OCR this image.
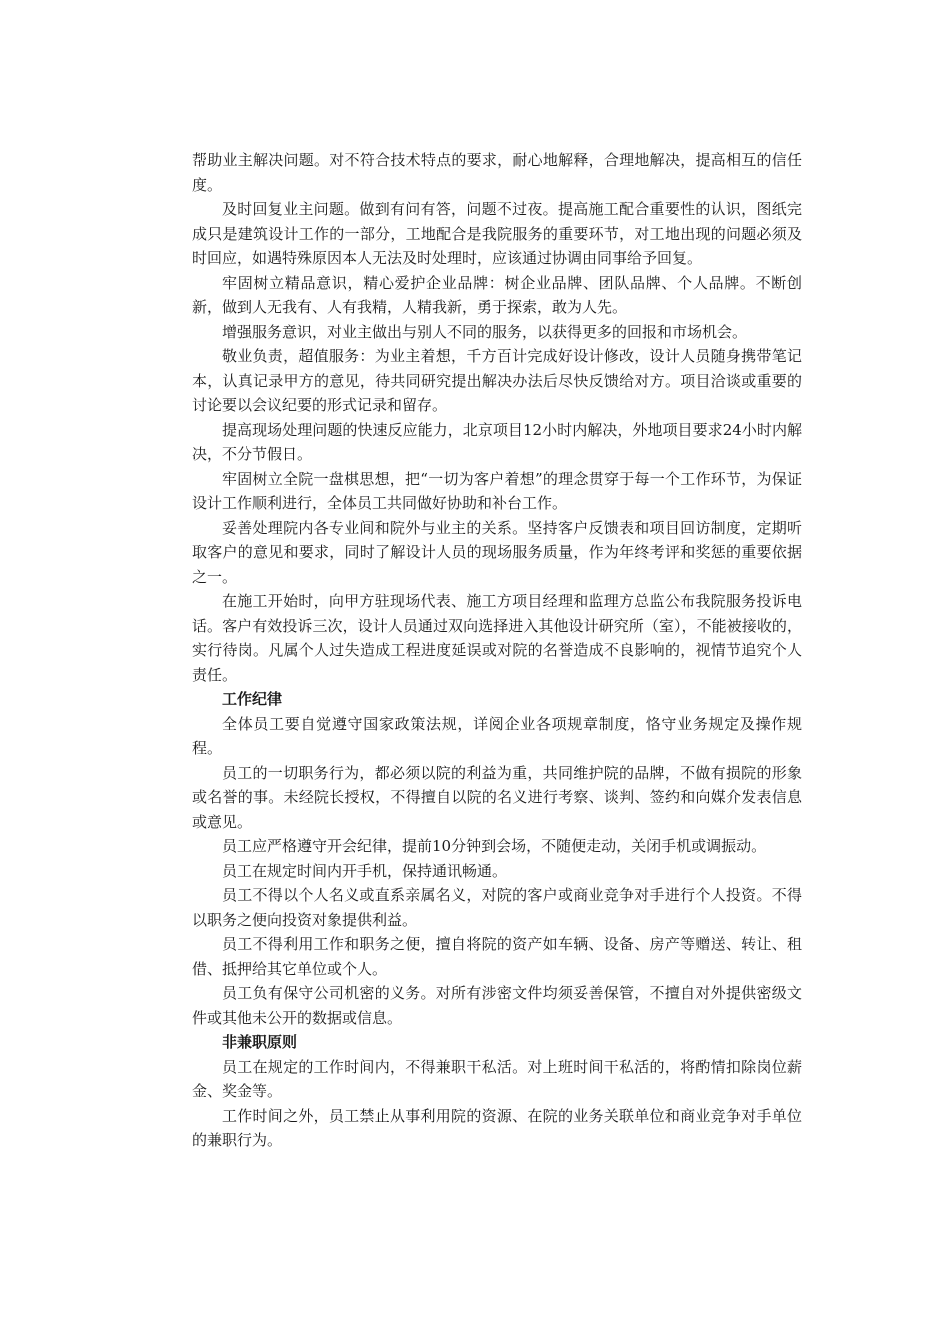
帮助业主解决问题。对不符合技术特点的要求，耐心地解释，合理地解决，提高相互的信任度。

及时回复业主问题。做到有问有答，问题不过夜。提高施工配合重要性的认识，图纸完成只是建筑设计工作的一部分，工地配合是我院服务的重要环节，对工地出现的问题必须及时回应，如遇特殊原因本人无法及时处理时，应该通过协调由同事给予回复。

牢固树立精品意识，精心爱护企业品牌：树企业品牌、团队品牌、个人品牌。不断创新，做到人无我有、人有我精，人精我新，勇于探索，敢为人先。

增强服务意识，对业主做出与别人不同的服务，以获得更多的回报和市场机会。

敬业负责，超值服务：为业主着想，千方百计完成好设计修改，设计人员随身携带笔记本，认真记录甲方的意见，待共同研究提出解决办法后尽快反馈给对方。项目洽谈或重要的讨论要以会议纪要的形式记录和留存。

提高现场处理问题的快速反应能力，北京项目12小时内解决，外地项目要求24小时内解决，不分节假日。

牢固树立全院一盘棋思想，把“一切为客户着想”的理念贯穿于每一个工作环节，为保证设计工作顺利进行，全体员工共同做好协助和补台工作。

妥善处理院内各专业间和院外与业主的关系。坚持客户反馈表和项目回访制度，定期听取客户的意见和要求，同时了解设计人员的现场服务质量，作为年终考评和奖惩的重要依据之一。

在施工开始时，向甲方驻现场代表、施工方项目经理和监理方总监公布我院服务投诉电话。客户有效投诉三次，设计人员通过双向选择进入其他设计研究所（室），不能被接收的，实行待岗。凡属个人过失造成工程进度延误或对院的名誉造成不良影响的，视情节追究个人责任。

工作纪律

全体员工要自觉遵守国家政策法规，详阅企业各项规章制度，恪守业务规定及操作规程。

员工的一切职务行为，都必须以院的利益为重，共同维护院的品牌，不做有损院的形象或名誉的事。未经院长授权，不得擅自以院的名义进行考察、谈判、签约和向媒介发表信息或意见。

员工应严格遵守开会纪律，提前10分钟到会场，不随便走动，关闭手机或调振动。

员工在规定时间内开手机，保持通讯畅通。

员工不得以个人名义或直系亲属名义，对院的客户或商业竞争对手进行个人投资。不得以职务之便向投资对象提供利益。

员工不得利用工作和职务之便，擅自将院的资产如车辆、设备、房产等赠送、转让、租借、抵押给其它单位或个人。

员工负有保守公司机密的义务。对所有涉密文件均须妥善保管，不擅自对外提供密级文件或其他未公开的数据或信息。

非兼职原则

员工在规定的工作时间内，不得兼职干私活。对上班时间干私活的，将酌情扣除岗位薪金、奖金等。

工作时间之外，员工禁止从事利用院的资源、在院的业务关联单位和商业竞争对手单位的兼职行为。
